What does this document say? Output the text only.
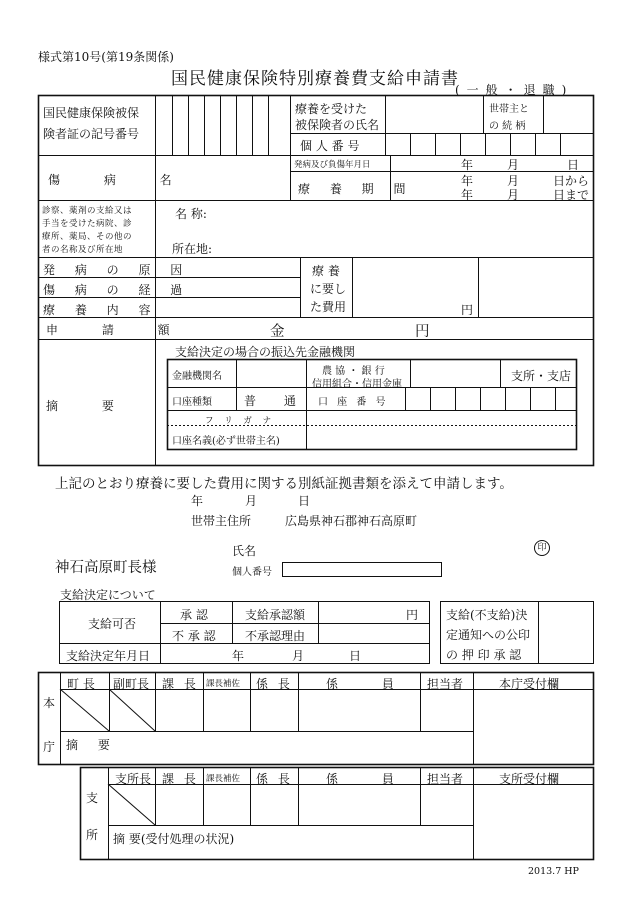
様式第10号(第19条関係)
国民健康保険特別療養費支給申請書
(一般・退職)
国民健康保険被保
険者証の記号番号
療養を受けた
被保険者の氏名
世帯主と
の 続 柄
個 人 番 号
傷 病 名
発病及び負傷年月日	年	月	日
療 養 期 間
年	月	日から
年	月	日まで
診察、薬剤の支給又は
手当を受けた病院、診
療所、薬局、その他の
者の名称及び所在地
名 称:
所在地:
発 病 の 原 因
傷 病 の 経 過
療 養 内 容
療 養
に要し
た費用	円
申 請 額	金	円
摘 要
支給決定の場合の振込先金融機関
金融機関名	農 協 ・ 銀 行
信用組合・信用金庫
支所・支店
口座種類	普 通 口 座 番 号
フ リ ガ ナ
口座名義(必ず世帯主名)
上記のとおり療養に要した費用に関する別紙証拠書類を添えて申請します。
年	月	日
世帯主住所	広島県神石郡神石高原町
氏名	印
神石高原町長様	個人番号
支給決定について
支給可否
承 認
不 承 認
支給承認額	円
不承認理由
支給決定年月日	年	月	日
支給(不支給)決
定通知への公印
の 押 印 承 認
本
庁
町 長 副町長 課 長 課長補佐 係 長	係 員 担当者	本庁受付欄
摘 要
支
所
支所長 課 長 課長補佐 係 長	係 員 担当者	支所受付欄
摘 要(受付処理の状況)
2013.7 HP
